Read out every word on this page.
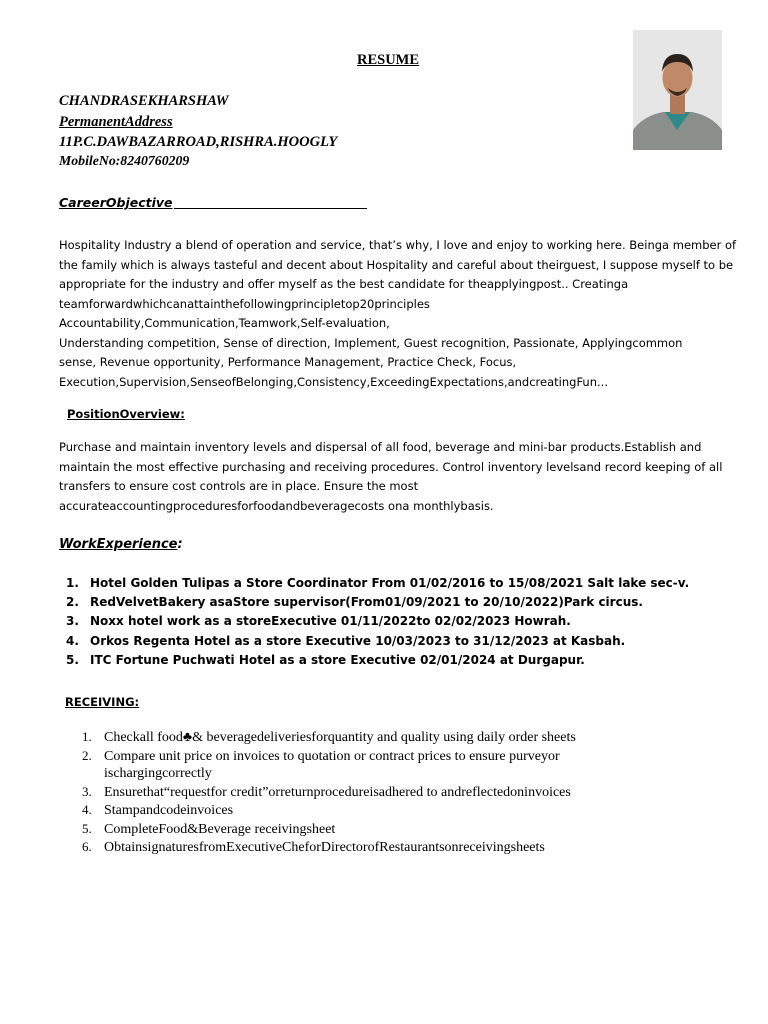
RESUME
CHANDRASEKHARSHAW
PermanentAddress
11P.C.DAWBAZARROAD,RISHRA.HOOGLY
MobileNo:8240760209
CareerObjective
Hospitality Industry a blend of operation and service, that’s why, I love and enjoy to working here. Beinga member of
the family which is always tasteful and decent about Hospitality and careful about theirguest, I suppose myself to be
appropriate for the industry and offer myself as the best candidate for theapplyingpost.. Creatinga
teamforwardwhichcanattainthefollowingprincipletop20principles
Accountability,Communication,Teamwork,Self-evaluation,
Understanding competition, Sense of direction, Implement, Guest recognition, Passionate, Applyingcommon
sense, Revenue opportunity, Performance Management, Practice Check, Focus,
Execution,Supervision,SenseofBelonging,Consistency,ExceedingExpectations,andcreatingFun...
PositionOverview:
Purchase and maintain inventory levels and dispersal of all food, beverage and mini-bar products.Establish and
maintain the most effective purchasing and receiving procedures. Control inventory levelsand record keeping of all
transfers to ensure cost controls are in place. Ensure the most
accurateaccountingproceduresforfoodandbeveragecosts ona monthlybasis.
WorkExperience:
1. Hotel Golden Tulipas a Store Coordinator From 01/02/2016 to 15/08/2021 Salt lake sec-v.
2. RedVelvetBakery asaStore supervisor(From01/09/2021 to 20/10/2022)Park circus.
3. Noxx hotel work as a storeExecutive 01/11/2022to 02/02/2023 Howrah.
4. Orkos Regenta Hotel as a store Executive 10/03/2023 to 31/12/2023 at Kasbah.
5. ITC Fortune Puchwati Hotel as a store Executive 02/01/2024 at Durgapur.
RECEIVING:
1. Checkall food♣& beveragedeliveriesforquantity and quality using daily order sheets
2. Compare unit price on invoices to quotation or contract prices to ensure purveyor
ischargingcorrectly
3. Ensurethat“requestfor credit”orreturnprocedureisadhered to andreflectedoninvoices
4. Stampandcodeinvoices
5. CompleteFood&Beverage receivingsheet
6. ObtainsignaturesfromExecutiveCheforDirectorofRestaurantsonreceivingsheets
